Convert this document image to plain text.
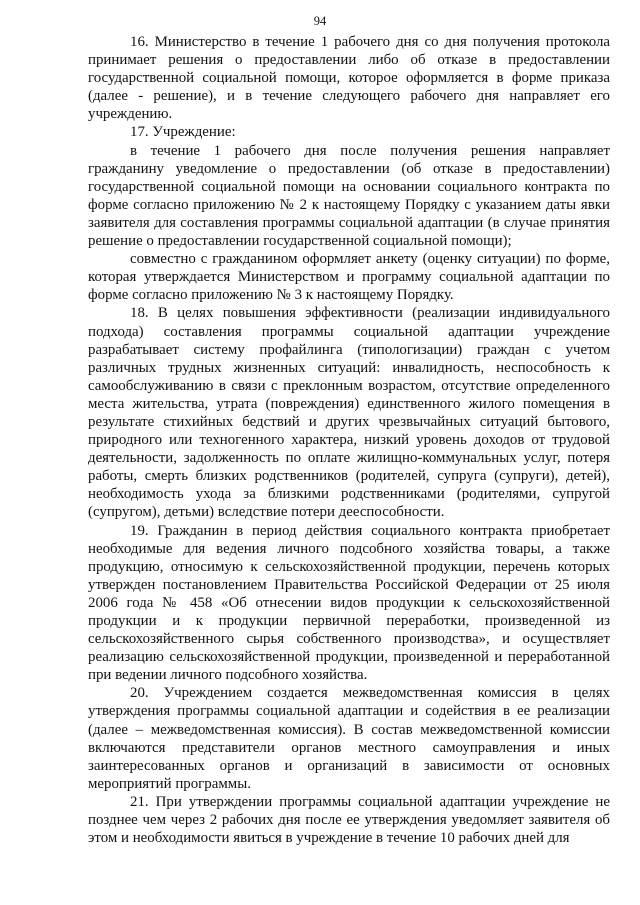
94

16. Министерство в течение 1 рабочего дня со дня получения протокола принимает решения о предоставлении либо об отказе в предоставлении государственной социальной помощи, которое оформляется в форме приказа (далее - решение), и в течение следующего рабочего дня направляет его учреждению.

17. Учреждение:

в течение 1 рабочего дня после получения решения направляет гражданину уведомление о предоставлении (об отказе в предоставлении) государственной социальной помощи на основании социального контракта по форме согласно приложению № 2 к настоящему Порядку с указанием даты явки заявителя для составления программы социальной адаптации (в случае принятия решение о предоставлении государственной социальной помощи);

совместно с гражданином оформляет анкету (оценку ситуации) по форме, которая утверждается Министерством и программу социальной адаптации по форме согласно приложению № 3 к настоящему Порядку.

18. В целях повышения эффективности (реализации индивидуального подхода) составления программы социальной адаптации учреждение разрабатывает систему профайлинга (типологизации) граждан с учетом различных трудных жизненных ситуаций: инвалидность, неспособность к самообслуживанию в связи с преклонным возрастом, отсутствие определенного места жительства, утрата (повреждения) единственного жилого помещения в результате стихийных бедствий и других чрезвычайных ситуаций бытового, природного или техногенного характера, низкий уровень доходов от трудовой деятельности, задолженность по оплате жилищно-коммунальных услуг, потеря работы, смерть близких родственников (родителей, супруга (супруги), детей), необходимость ухода за близкими родственниками (родителями, супругой (супругом), детьми) вследствие потери дееспособности.

19. Гражданин в период действия социального контракта приобретает необходимые для ведения личного подсобного хозяйства товары, а также продукцию, относимую к сельскохозяйственной продукции, перечень которых утвержден постановлением Правительства Российской Федерации от 25 июля 2006 года № 458 «Об отнесении видов продукции к сельскохозяйственной продукции и к продукции первичной переработки, произведенной из сельскохозяйственного сырья собственного производства», и осуществляет реализацию сельскохозяйственной продукции, произведенной и переработанной при ведении личного подсобного хозяйства.

20. Учреждением создается межведомственная комиссия в целях утверждения программы социальной адаптации и содействия в ее реализации (далее – межведомственная комиссия). В состав межведомственной комиссии включаются представители органов местного самоуправления и иных заинтересованных органов и организаций в зависимости от основных мероприятий программы.

21. При утверждении программы социальной адаптации учреждение не позднее чем через 2 рабочих дня после ее утверждения уведомляет заявителя об этом и необходимости явиться в учреждение в течение 10 рабочих дней для
